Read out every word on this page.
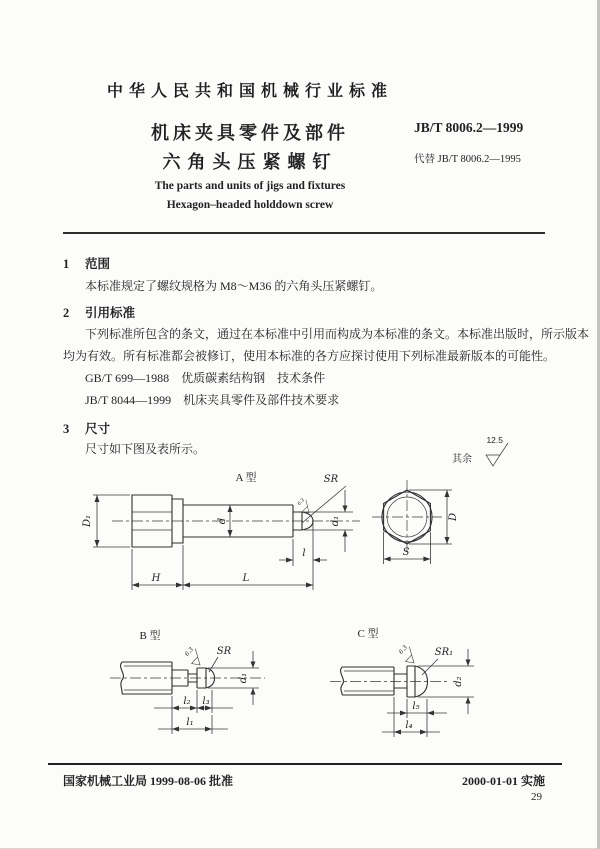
中华人民共和国机械行业标准
机床夹具零件及部件
六角头压紧螺钉
JB/T 8006.2—1999
代替 JB/T 8006.2—1995
The parts and units of jigs and fixtures
Hexagon–headed holddown screw
1 范围
本标准规定了螺纹规格为 M8～M36 的六角头压紧螺钉。
2 引用标准
下列标准所包含的条文，通过在本标准中引用而构成为本标准的条文。本标准出版时，所示版本
均为有效。所有标准都会被修订，使用本标准的各方应探讨使用下列标准最新版本的可能性。
GB/T 699—1988　优质碳素结构钢　技术条件
JB/T 8044—1999　机床夹具零件及部件技术要求
3 尺寸
尺寸如下图及表所示。
其余
12.5
A 型
D₁	d
SR
6.3
d₁
l
H	L
D
S
B 型
6.3 SR
d₁
l₂ l₃
l₁
C 型
6.3	SR₁
d₂
l₅
l₄
国家机械工业局 1999-08-06 批准	2000-01-01 实施
29
